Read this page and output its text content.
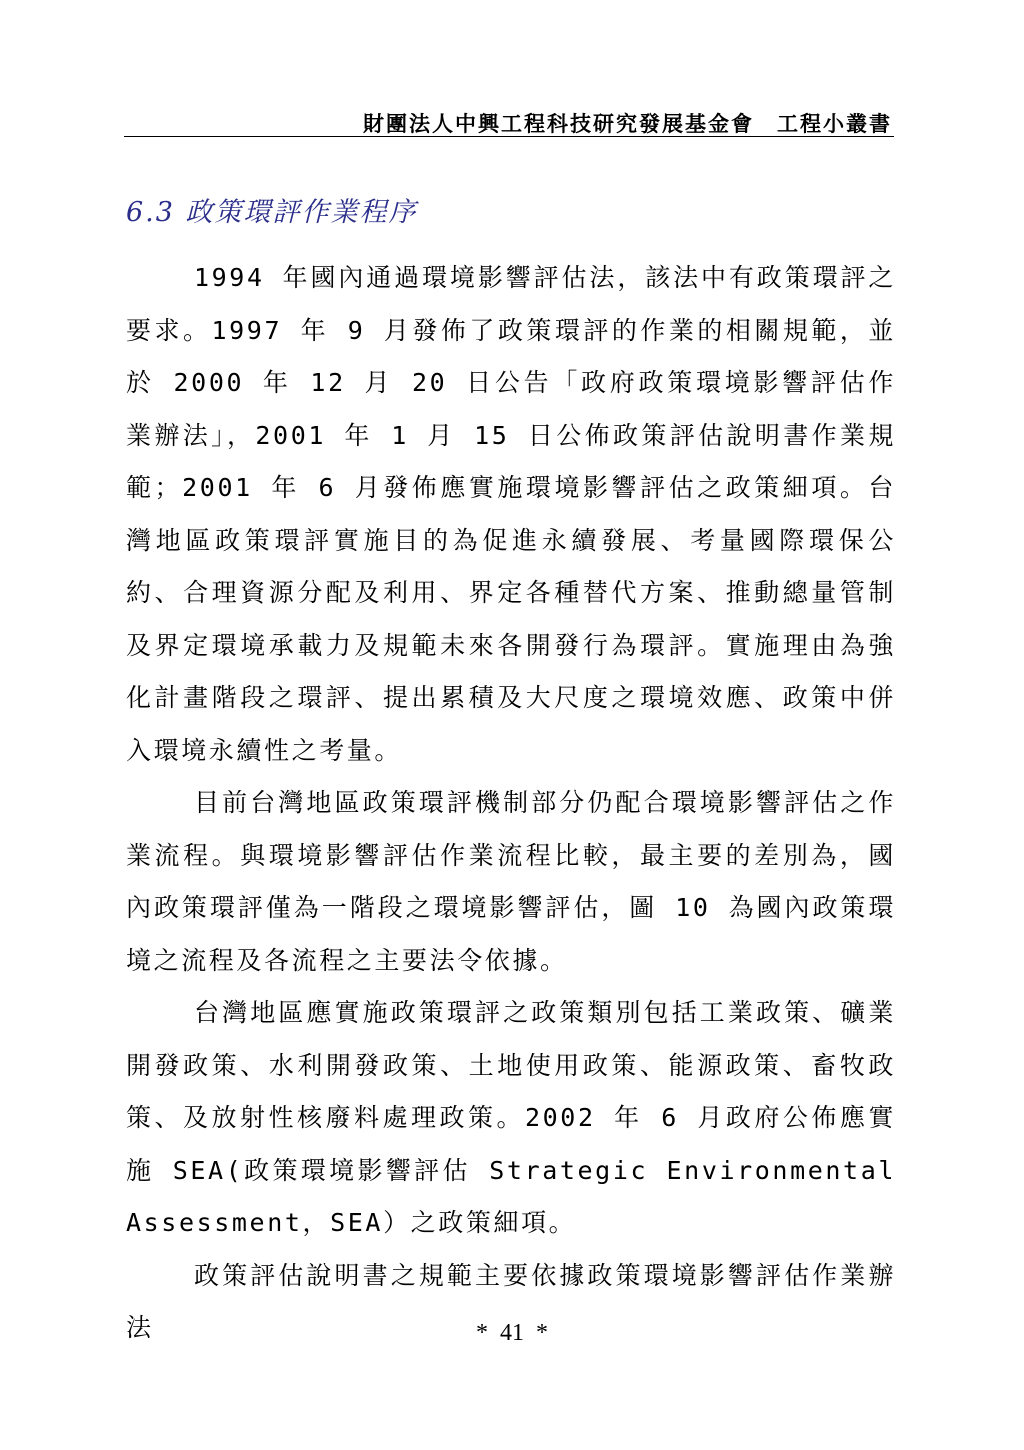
財團法人中興工程科技研究發展基金會　工程小叢書
6.3 政策環評作業程序

1994 年國內通過環境影響評估法，該法中有政策環評之要求。1997 年 9 月發佈了政策環評的作業的相關規範，並於 2000 年 12 月 20 日公告「政府政策環境影響評估作業辦法」，2001 年 1 月 15 日公佈政策評估說明書作業規範；2001 年 6 月發佈應實施環境影響評估之政策細項。台灣地區政策環評實施目的為促進永續發展、考量國際環保公約、合理資源分配及利用、界定各種替代方案、推動總量管制及界定環境承載力及規範未來各開發行為環評。實施理由為強化計畫階段之環評、提出累積及大尺度之環境效應、政策中併入環境永續性之考量。

目前台灣地區政策環評機制部分仍配合環境影響評估之作業流程。與環境影響評估作業流程比較，最主要的差別為，國內政策環評僅為一階段之環境影響評估，圖 10 為國內政策環境之流程及各流程之主要法令依據。

台灣地區應實施政策環評之政策類別包括工業政策、礦業開發政策、水利開發政策、土地使用政策、能源政策、畜牧政策、及放射性核廢料處理政策。2002 年 6 月政府公佈應實施 SEA(政策環境影響評估 Strategic Environmental Assessment，SEA）之政策細項。

政策評估說明書之規範主要依據政策環境影響評估作業辦法	*  41  *
